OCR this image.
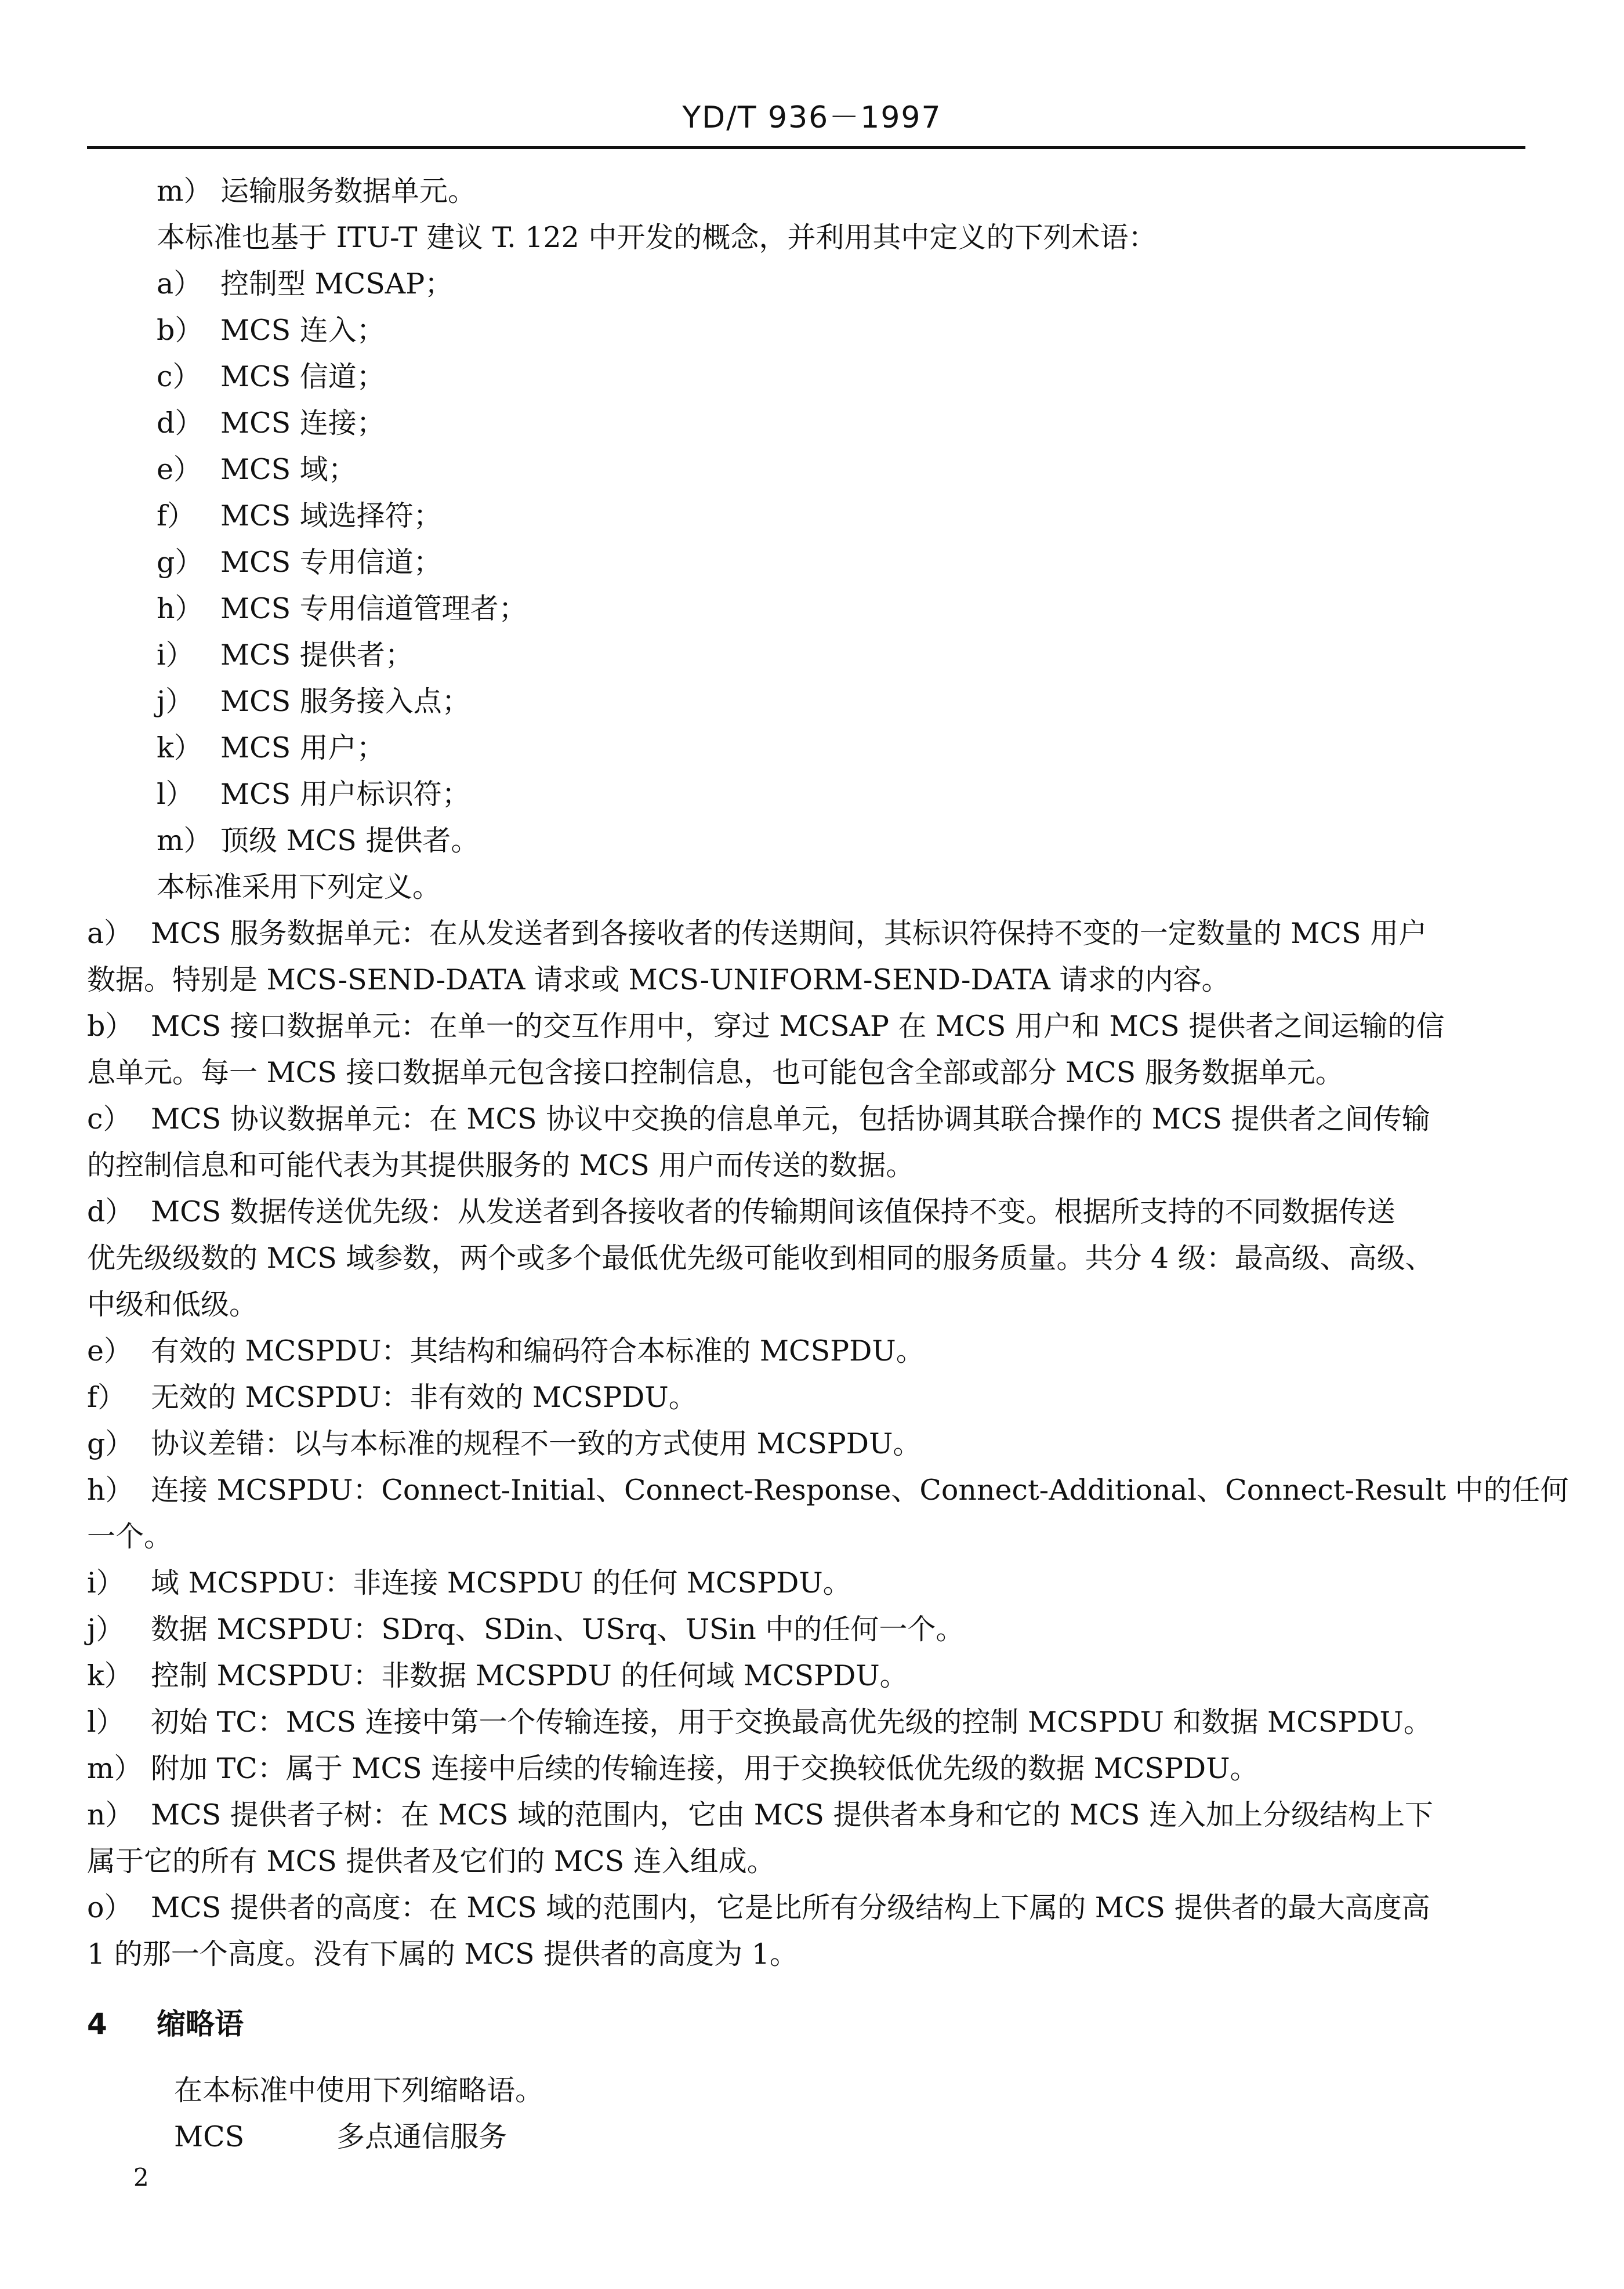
YD/T 936－1997
m） 运输服务数据单元。
本标准也基于 ITU-T 建议 T. 122 中开发的概念，并利用其中定义的下列术语：
a） 控制型 MCSAP；
b） MCS 连入；
c） MCS 信道；
d） MCS 连接；
e） MCS 域；
f） MCS 域选择符；
g） MCS 专用信道；
h） MCS 专用信道管理者；
i） MCS 提供者；
j） MCS 服务接入点；
k） MCS 用户；
l） MCS 用户标识符；
m） 顶级 MCS 提供者。
本标准采用下列定义。
a） MCS 服务数据单元：在从发送者到各接收者的传送期间，其标识符保持不变的一定数量的 MCS 用户
数据。特别是 MCS-SEND-DATA 请求或 MCS-UNIFORM-SEND-DATA 请求的内容。
b） MCS 接口数据单元：在单一的交互作用中，穿过 MCSAP 在 MCS 用户和 MCS 提供者之间运输的信
息单元。每一 MCS 接口数据单元包含接口控制信息，也可能包含全部或部分 MCS 服务数据单元。
c） MCS 协议数据单元：在 MCS 协议中交换的信息单元，包括协调其联合操作的 MCS 提供者之间传输
的控制信息和可能代表为其提供服务的 MCS 用户而传送的数据。
d） MCS 数据传送优先级：从发送者到各接收者的传输期间该值保持不变。根据所支持的不同数据传送
优先级级数的 MCS 域参数，两个或多个最低优先级可能收到相同的服务质量。共分 4 级：最高级、高级、
中级和低级。
e） 有效的 MCSPDU：其结构和编码符合本标准的 MCSPDU。
f） 无效的 MCSPDU：非有效的 MCSPDU。
g） 协议差错：以与本标准的规程不一致的方式使用 MCSPDU。
h） 连接 MCSPDU：Connect-Initial、Connect-Response、Connect-Additional、Connect-Result 中的任何
一个。
i） 域 MCSPDU：非连接 MCSPDU 的任何 MCSPDU。
j） 数据 MCSPDU：SDrq、SDin、USrq、USin 中的任何一个。
k） 控制 MCSPDU：非数据 MCSPDU 的任何域 MCSPDU。
l） 初始 TC：MCS 连接中第一个传输连接，用于交换最高优先级的控制 MCSPDU 和数据 MCSPDU。
m） 附加 TC：属于 MCS 连接中后续的传输连接，用于交换较低优先级的数据 MCSPDU。
n） MCS 提供者子树：在 MCS 域的范围内，它由 MCS 提供者本身和它的 MCS 连入加上分级结构上下
属于它的所有 MCS 提供者及它们的 MCS 连入组成。
o） MCS 提供者的高度：在 MCS 域的范围内，它是比所有分级结构上下属的 MCS 提供者的最大高度高
1 的那一个高度。没有下属的 MCS 提供者的高度为 1。
4 缩略语
在本标准中使用下列缩略语。
MCS	多点通信服务
2
